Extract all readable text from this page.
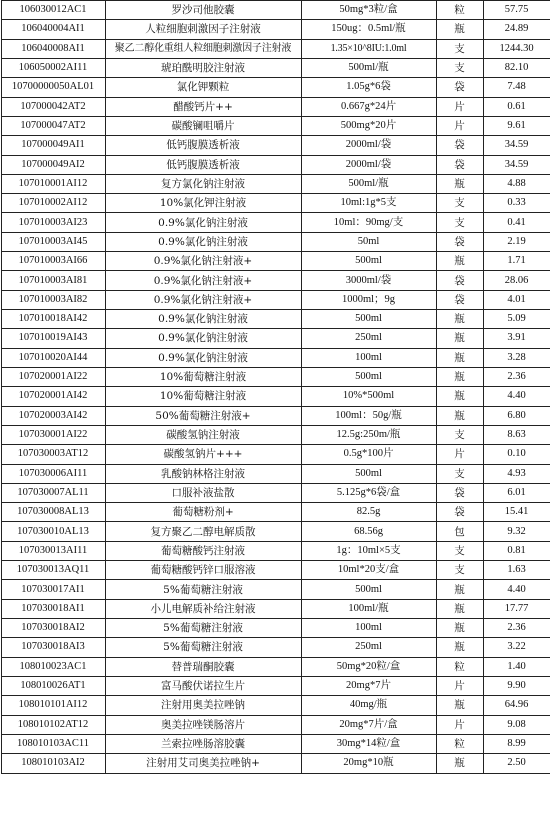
106030012AC1	罗沙司他胶囊	50mg*3粒/盒	粒	57.75
106040004AI1	人粒细胞刺激因子注射液	150ug：0.5ml/瓶	瓶	24.89
106040008AI1	聚乙二醇化重组人粒细胞刺激因子注射液	1.35×10^8IU:1.0ml	支	1244.30
106050002AI11	琥珀酰明胶注射液	500ml/瓶	支	82.10
10700000050AL01	氯化钾颗粒	1.05g*6袋	袋	7.48
107000042AT2	醋酸钙片++	0.667g*24片	片	0.61
107000047AT2	碳酸镧咀嚼片	500mg*20片	片	9.61
107000049AI1	低钙腹膜透析液	2000ml/袋	袋	34.59
107000049AI2	低钙腹膜透析液	2000ml/袋	袋	34.59
107010001AI12	复方氯化钠注射液	500ml/瓶	瓶	4.88
107010002AI12	10%氯化钾注射液	10ml:1g*5支	支	0.33
107010003AI23	0.9%氯化钠注射液	10ml：90mg/支	支	0.41
107010003AI45	0.9%氯化钠注射液	50ml	袋	2.19
107010003AI66	0.9%氯化钠注射液+	500ml	瓶	1.71
107010003AI81	0.9%氯化钠注射液+	3000ml/袋	袋	28.06
107010003AI82	0.9%氯化钠注射液+	1000ml；9g	袋	4.01
107010018AI42	0.9%氯化钠注射液	500ml	瓶	5.09
107010019AI43	0.9%氯化钠注射液	250ml	瓶	3.91
107010020AI44	0.9%氯化钠注射液	100ml	瓶	3.28
107020001AI22	10%葡萄糖注射液	500ml	瓶	2.36
107020001AI42	10%葡萄糖注射液	10%*500ml	瓶	4.40
107020003AI42	50%葡萄糖注射液+	100ml：50g/瓶	瓶	6.80
107030001AI22	碳酸氢钠注射液	12.5g:250m/瓶	支	8.63
107030003AT12	碳酸氢钠片+++	0.5g*100片	片	0.10
107030006AI11	乳酸钠林格注射液	500ml	支	4.93
107030007AL11	口服补液盐散	5.125g*6袋/盒	袋	6.01
107030008AL13	葡萄糖粉剂+	82.5g	袋	15.41
107030010AL13	复方聚乙二醇电解质散	68.56g	包	9.32
107030013AI11	葡萄糖酸钙注射液	1g：10ml×5支	支	0.81
107030013AQ11	葡萄糖酸钙锌口服溶液	10ml*20支/盒	支	1.63
107030017AI1	5%葡萄糖注射液	500ml	瓶	4.40
107030018AI1	小儿电解质补给注射液	100ml/瓶	瓶	17.77
107030018AI2	5%葡萄糖注射液	100ml	瓶	2.36
107030018AI3	5%葡萄糖注射液	250ml	瓶	3.22
108010023AC1	替普瑞酮胶囊	50mg*20粒/盒	粒	1.40
108010026AT1	富马酸伏诺拉生片	20mg*7片	片	9.90
108010101AI12	注射用奥美拉唑钠	40mg/瓶	瓶	64.96
108010102AT12	奥美拉唑镁肠溶片	20mg*7片/盒	片	9.08
108010103AC11	兰索拉唑肠溶胶囊	30mg*14粒/盒	粒	8.99
108010103AI2	注射用艾司奥美拉唑钠+	20mg*10瓶	瓶	2.50
